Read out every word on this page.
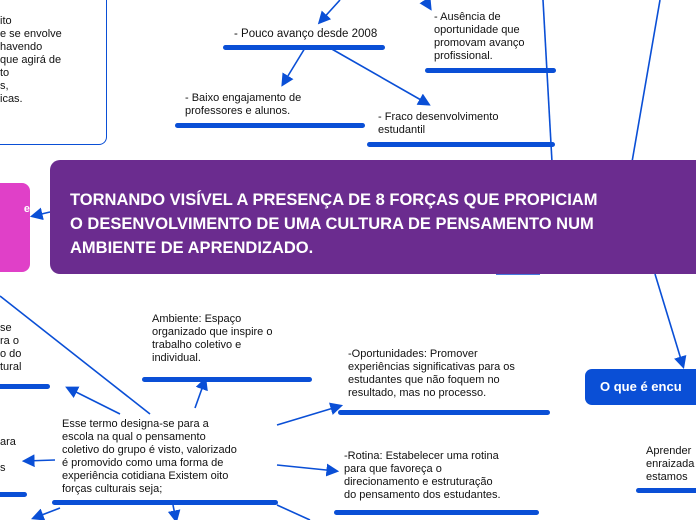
ito
e se envolve
havendo
que agirá de
to
s,
icas.
- Pouco avanço desde 2008
- Ausência de
oportunidade que
promovam avanço
profissional.
- Baixo engajamento de
professores e alunos.	- Fraco desenvolvimento
estudantil
e	TORNANDO VISÍVEL A PRESENÇA DE 8 FORÇAS QUE PROPICIAM
O DESENVOLVIMENTO DE UMA CULTURA DE PENSAMENTO NUM
AMBIENTE DE APRENDIZADO.
O que é encu
se
ra o
o do
tural
Ambiente: Espaço
organizado que inspire o
trabalho coletivo e
individual.	-Oportunidades: Promover
experiências significativas para os
estudantes que não foquem no
resultado, mas no processo.
ara

s
Esse termo designa-se para a
escola na qual o pensamento
coletivo do grupo é visto, valorizado
é promovido como uma forma de
experiência cotidiana Existem oito
forças culturais seja;
-Rotina: Estabelecer uma rotina
para que favoreça o
direcionamento e estruturação
do pensamento dos estudantes.
Aprender
enraizada
estamos
